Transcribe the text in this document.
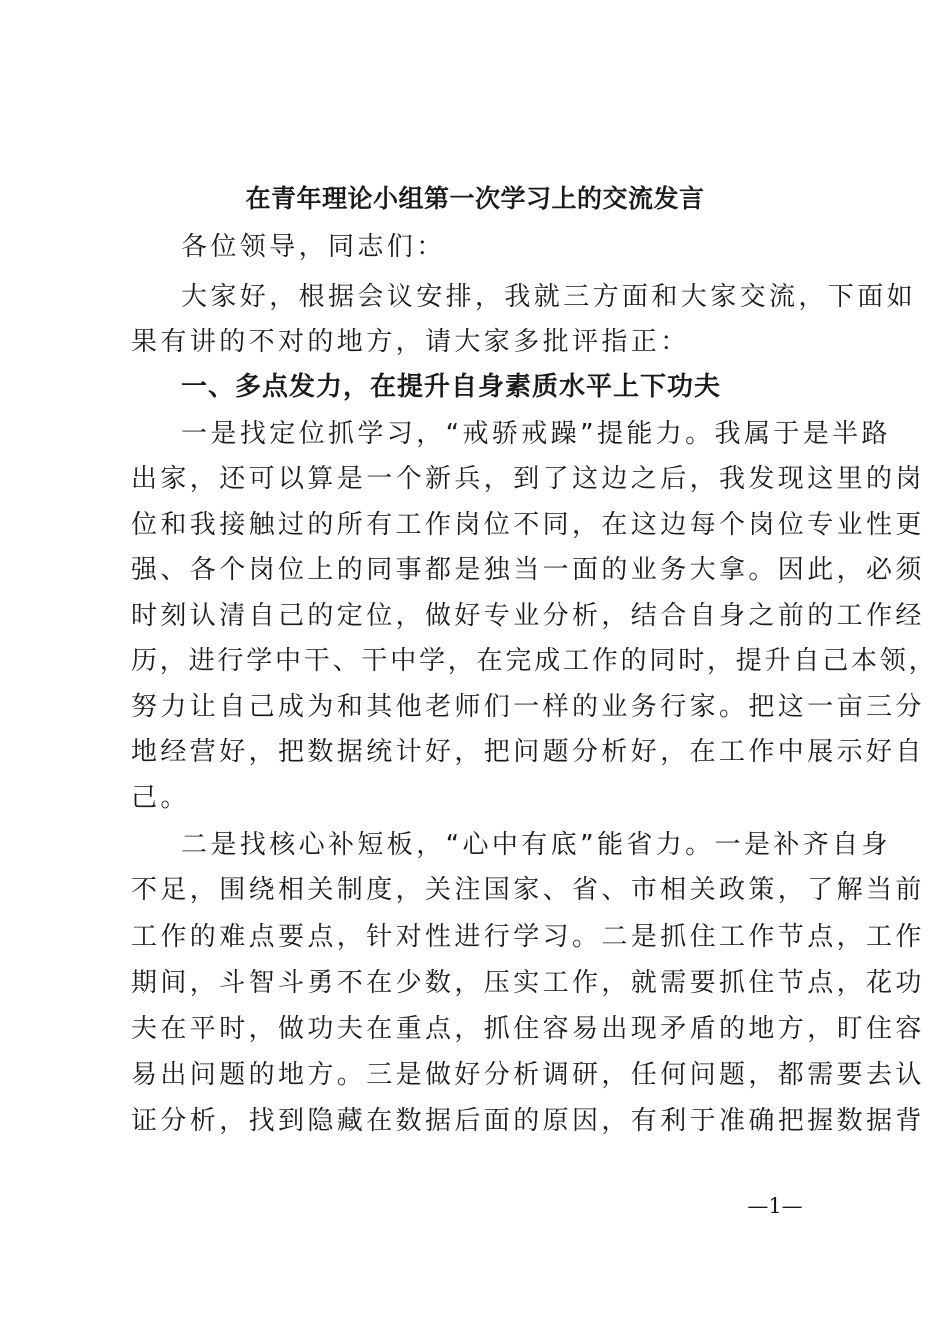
在青年理论小组第一次学习上的交流发言
各位领导，同志们：
大家好，根据会议安排，我就三方面和大家交流，下面如
果有讲的不对的地方，请大家多批评指正：
一、多点发力，在提升自身素质水平上下功夫
一是找定位抓学习，“戒骄戒躁”提能力。我属于是半路
出家，还可以算是一个新兵，到了这边之后，我发现这里的岗
位和我接触过的所有工作岗位不同，在这边每个岗位专业性更
强、各个岗位上的同事都是独当一面的业务大拿。因此，必须
时刻认清自己的定位，做好专业分析，结合自身之前的工作经
历，进行学中干、干中学，在完成工作的同时，提升自己本领，
努力让自己成为和其他老师们一样的业务行家。把这一亩三分
地经营好，把数据统计好，把问题分析好，在工作中展示好自
己。
二是找核心补短板，“心中有底”能省力。一是补齐自身
不足，围绕相关制度，关注国家、省、市相关政策，了解当前
工作的难点要点，针对性进行学习。二是抓住工作节点，工作
期间，斗智斗勇不在少数，压实工作，就需要抓住节点，花功
夫在平时，做功夫在重点，抓住容易出现矛盾的地方，盯住容
易出问题的地方。三是做好分析调研，任何问题，都需要去认
证分析，找到隐藏在数据后面的原因，有利于准确把握数据背
—1—
